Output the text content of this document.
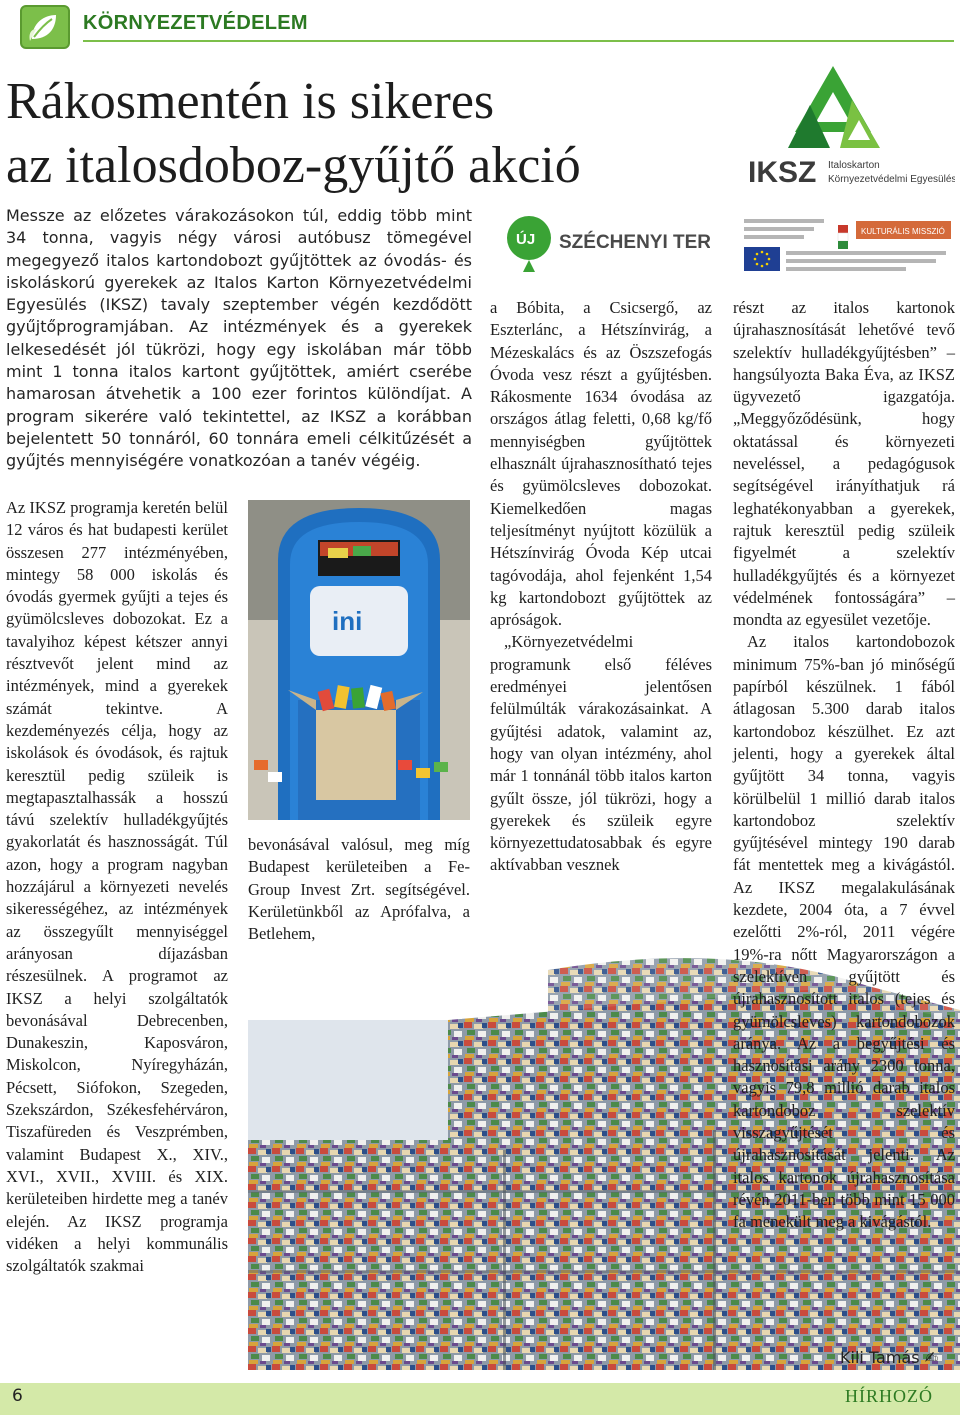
KÖRNYEZETVÉDELEM
Rákosmentén is sikeres
az italosdoboz-gyűjtő akció	IKSZ Italoskarton
Környezetvédelmi Egyesülés
ÚJ SZÉCHENYI TERV
KULTURÁLIS MISSZIÓ
Messze az előzetes várakozásokon túl, eddig több mint 34 tonna, vagyis négy városi autóbusz tömegével megegyező italos kartondobozt gyűjtöttek az óvodás- és iskoláskorú gyerekek az Italos Karton Környezetvédelmi Egyesülés (IKSZ) tavaly szeptember végén kezdődött gyűjtőprogramjában. Az intézmények és a gyerekek lelkesedését jól tükrözi, hogy egy iskolában már több mint 1 tonna italos kartont gyűjtöttek, amiért cserébe hamarosan átvehetik a 100 ezer forintos különdíjat. A program sikerére való tekintettel, az IKSZ a korábban bejelentett 50 tonnáról, 60 tonnára emeli célkitűzését a gyűjtés mennyiségére vonatkozóan a tanév végéig.
ini

Az IKSZ programja keretén belül 12 város és hat budapesti kerület összesen 277 intézményében, mintegy 58 000 iskolás és óvodás gyermek gyűjti a tejes és gyümölcsleves dobozokat. Ez a tavalyihoz képest kétszer annyi résztvevőt jelent mind az intézmények, mind a gyerekek számát tekintve. A kezdeményezés célja, hogy az iskolások és óvodások, és rajtuk keresztül pedig szüleik is megtapasztalhassák a hosszú távú szelektív hulladékgyűjtés gyakorlatát és hasznosságát. Túl azon, hogy a program nagyban hozzájárul a környezeti nevelés sikerességéhez, az intézmények az összegyűlt mennyiséggel arányosan díjazásban részesülnek. A programot az IKSZ a helyi szolgáltatók bevonásával Debrecenben, Dunakeszin, Kaposváron, Miskolcon, Nyíregyházán, Pécsett, Siófokon, Szegeden, Szekszárdon, Székesfehérváron, Tiszafüreden és Veszprémben, valamint Budapest X., XIV., XVI., XVII., XVIII. és XIX. kerületeiben hirdette meg a tanév elején. Az IKSZ programja vidéken a helyi kommunális szolgáltatók szakmai

bevonásával valósul, meg míg Budapest kerületeiben a Fe-Group Invest Zrt. segítségével. Kerületünkből az Aprófalva, a Betlehem,

a Bóbita, a Csicsergő, az Eszterlánc, a Hétszínvirág, a Mézeskalács és az Öszszefogás Óvoda vesz részt a gyűjtésben. Rákosmente 1634 óvodása az országos átlag feletti, 0,68 kg/fő mennyiségben gyűjtöttek elhasznált újrahasznosítható tejes és gyümölcsleves dobozokat. Kiemelkedően magas teljesítményt nyújtott közülük a Hétszínvirág Óvoda Kép utcai tagóvodája, ahol fejenként 1,54 kg kartondobozt gyűjtöttek az apróságok.

„Környezetvédelmi programunk első féléves eredményei jelentősen felülmúlták várakozásainkat. A gyűjtési adatok, valamint az, hogy van olyan intézmény, ahol már 1 tonnánál több italos karton gyűlt össze, jól tükrözi, hogy a gyerekek és szüleik egyre környezettudatosabbak és egyre aktívabban vesznek

részt az italos kartonok újrahasznosítását lehetővé tevő szelektív hulladékgyűjtésben” – hangsúlyozta Baka Éva, az IKSZ ügyvezető igazgatója. „Meggyőződésünk, hogy oktatással és környezeti neveléssel, a pedagógusok segítségével irányíthatjuk rá leghatékonyabban a gyerekek, rajtuk keresztül pedig szüleik figyelmét a szelektív hulladékgyűjtés és a környezet védelmének fontosságára” – mondta az egyesület vezetője.

Az italos kartondobozok minimum 75%-ban jó minőségű papírból készülnek. 1 fából átlagosan 5.300 darab italos kartondoboz készülhet. Ez azt jelenti, hogy a gyerekek által gyűjtött 34 tonna, vagyis körülbelül 1 millió darab italos kartondoboz szelektív gyűjtésével mintegy 190 darab fát mentettek meg a kivágástól. Az IKSZ megalakulásának kezdete, 2004 óta, a 7 évvel ezelőtti 2%-ról, 2011 végére 19%-ra nőtt Magyarországon a szelektíven gyűjtött és újrahasznosított italos (tejes és gyümölcsleves) kartondobozok aránya. Az a begyűjtési és hasznosítási arány 2300 tonna, vagyis 79,8 millió darab italos kartondoboz szelektív visszagyűjtését és újrahasznosítását jelenti. Az italos kartonok újrahasznosítása révén 2011-ben több mint 15 000 fa menekült meg a kivágástól.

Kili Tamás ✍
6	HÍRHOZÓ
